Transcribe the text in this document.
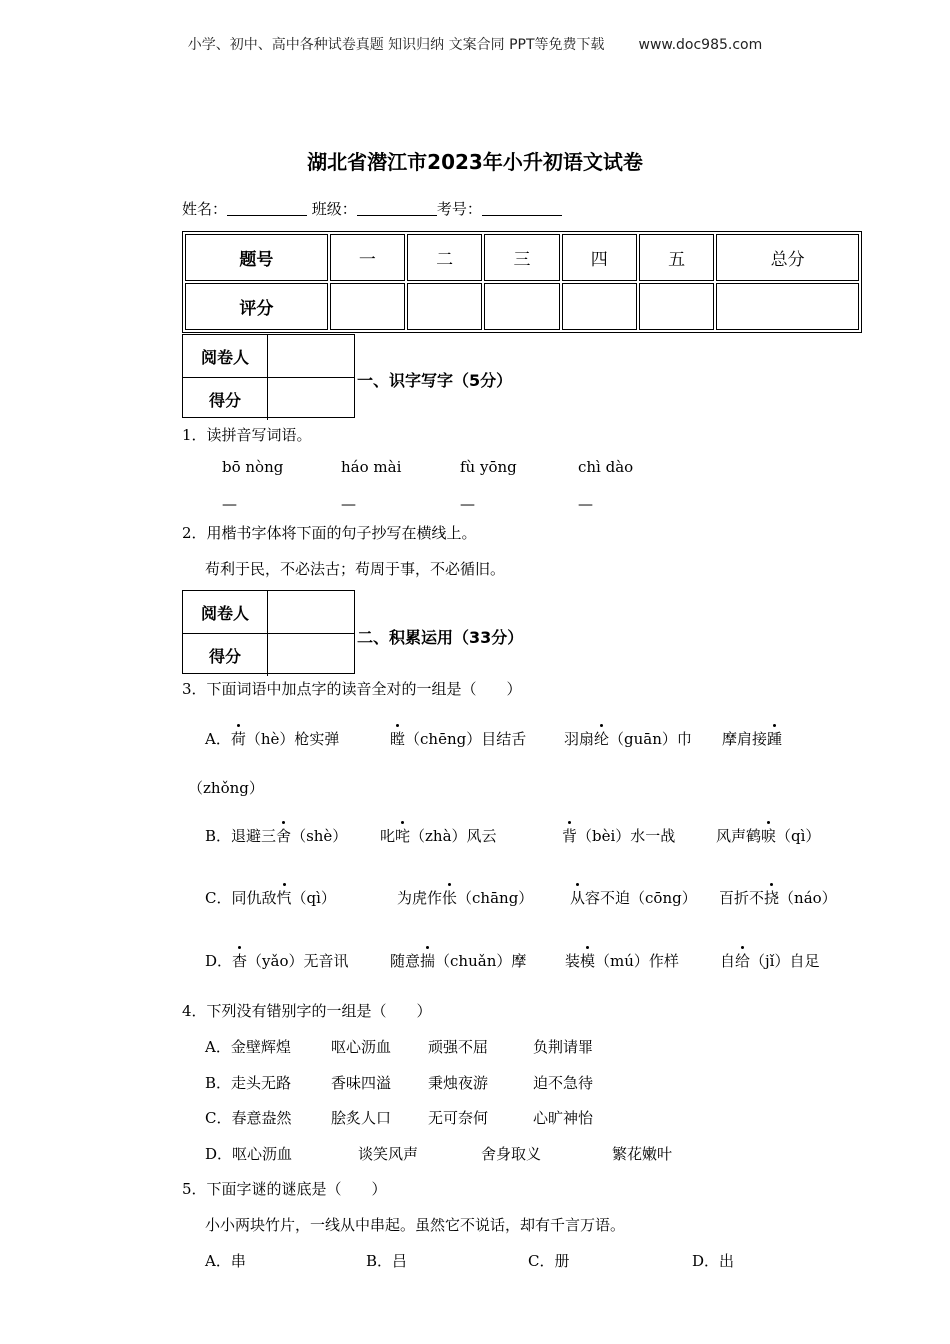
小学、初中、高中各种试卷真题 知识归纳 文案合同 PPT等免费下载 www.doc985.com
湖北省潜江市2023年小升初语文试卷
姓名：	班级：	考号：
题号	一	二	三	四	五	总分
评分						
阅卷人
得分
一、识字写字（5分）
1．读拼音写词语。
bō nòng	háo mài	fù yōng	chì dào
—	—	—	—
2．用楷书字体将下面的句子抄写在横线上。
苟利于民，不必法古；苟周于事，不必循旧。
阅卷人
得分
二、积累运用（33分）
3．下面词语中加点字的读音全对的一组是（　　）
A．荷（hè）枪实弹	瞠（chēng）目结舌	羽扇纶（guān）巾 摩肩接踵
（zhǒng）
B．退避三舍（shè） 叱咤（zhà）风云	背（bèi）水一战	风声鹤唳（qì）
C．同仇敌忾（qì）	为虎作伥（chāng） 从容不迫（cōng） 百折不挠（náo）
D．杳（yǎo）无音讯	随意揣（chuǎn）摩	装模（mú）作样	自给（jǐ）自足
4．下列没有错别字的一组是（　　）
A．金壁辉煌	呕心沥血 顽强不屈	负荆请罪
B．走头无路	香味四溢 秉烛夜游	迫不急待
C．春意盎然	脍炙人口 无可奈何	心旷神怡
D．呕心沥血	谈笑风声	舍身取义	繁花嫩叶
5．下面字谜的谜底是（　　）
小小两块竹片，一线从中串起。虽然它不说话，却有千言万语。
A．串	B．吕	C．册	D．出
